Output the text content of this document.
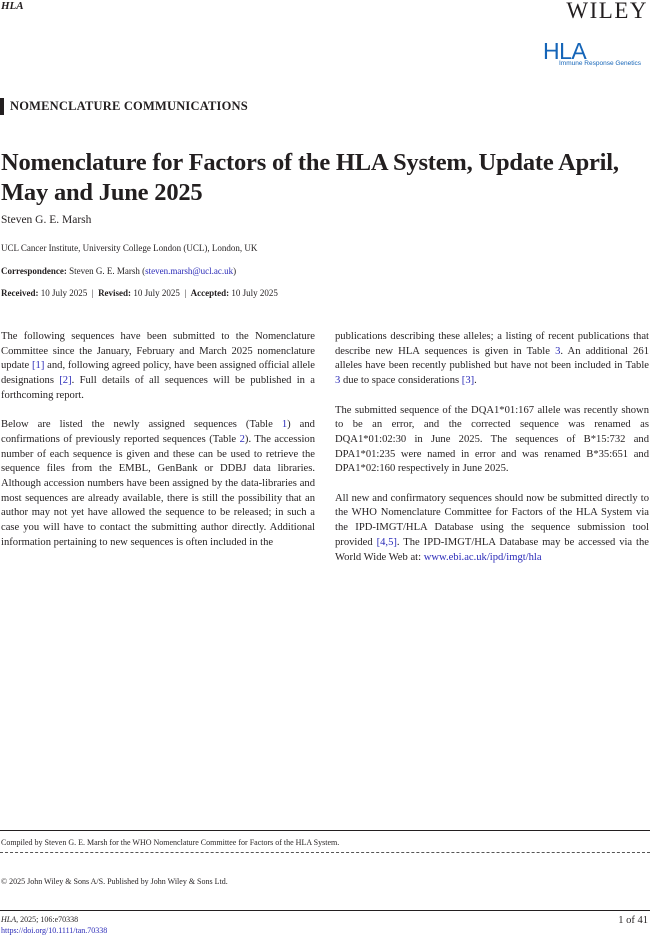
HLA	WILEY
HLA
Immune Response Genetics
NOMENCLATURE COMMUNICATIONS
Nomenclature for Factors of the HLA System, Update April, May and June 2025
Steven G. E. Marsh
UCL Cancer Institute, University College London (UCL), London, UK
Correspondence: Steven G. E. Marsh (steven.marsh@ucl.ac.uk)
Received: 10 July 2025 | Revised: 10 July 2025 | Accepted: 10 July 2025

The following sequences have been submitted to the Nomenclature Committee since the January, February and March 2025 nomenclature update [1] and, following agreed policy, have been assigned official allele designations [2]. Full details of all sequences will be published in a forthcoming report.

Below are listed the newly assigned sequences (Table 1) and confirmations of previously reported sequences (Table 2). The accession number of each sequence is given and these can be used to retrieve the sequence files from the EMBL, GenBank or DDBJ data libraries. Although accession numbers have been assigned by the data-libraries and most sequences are already available, there is still the possibility that an author may not yet have allowed the sequence to be released; in such a case you will have to contact the submitting author directly. Additional information pertaining to new sequences is often included in the

publications describing these alleles; a listing of recent publications that describe new HLA sequences is given in Table 3. An additional 261 alleles have been recently published but have not been included in Table 3 due to space considerations [3].

The submitted sequence of the DQA1*01:167 allele was recently shown to be an error, and the corrected sequence was renamed as DQA1*01:02:30 in June 2025. The sequences of B*15:732 and DPA1*01:235 were named in error and was renamed B*35:651 and DPA1*02:160 respectively in June 2025.

All new and confirmatory sequences should now be submitted directly to the WHO Nomenclature Committee for Factors of the HLA System via the IPD-IMGT/HLA Database using the sequence submission tool provided [4,5]. The IPD-IMGT/HLA Database may be accessed via the World Wide Web at: www.ebi.ac.uk/ipd/imgt/hla

Compiled by Steven G. E. Marsh for the WHO Nomenclature Committee for Factors of the HLA System.
© 2025 John Wiley & Sons A/S. Published by John Wiley & Sons Ltd.
HLA, 2025; 106:e70338
https://doi.org/10.1111/tan.70338
1 of 41
